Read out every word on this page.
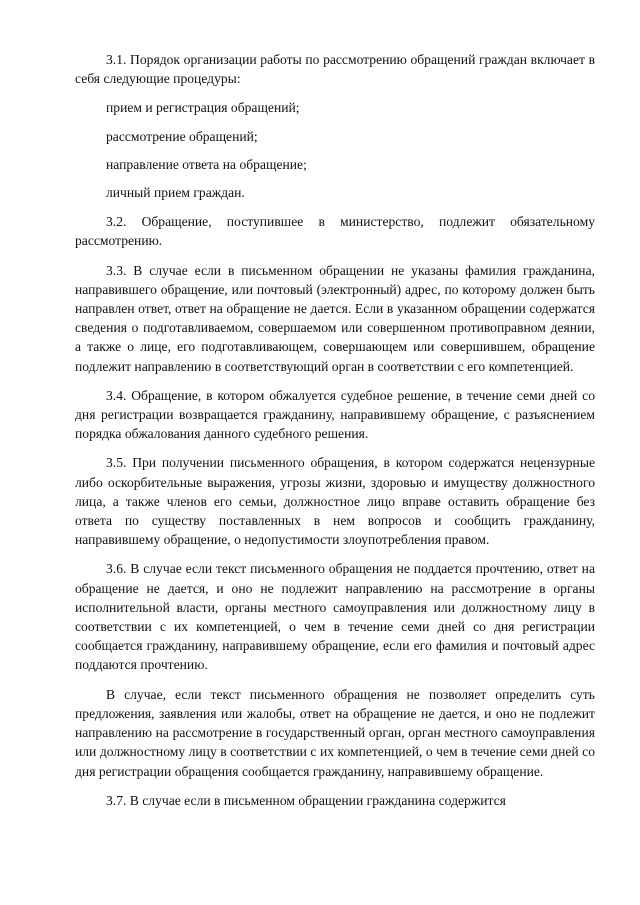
3.1. Порядок организации работы по рассмотрению обращений граждан включает в себя следующие процедуры:

прием и регистрация обращений;

рассмотрение обращений;

направление ответа на обращение;

личный прием граждан.

3.2. Обращение, поступившее в министерство, подлежит обязательному рассмотрению.

3.3. В случае если в письменном обращении не указаны фамилия гражданина, направившего обращение, или почтовый (электронный) адрес, по которому должен быть направлен ответ, ответ на обращение не дается. Если в указанном обращении содержатся сведения о подготавливаемом, совершаемом или совершенном противоправном деянии, а также о лице, его подготавливающем, совершающем или совершившем, обращение подлежит направлению в соответствующий орган в соответствии с его компетенцией.

3.4. Обращение, в котором обжалуется судебное решение, в течение семи дней со дня регистрации возвращается гражданину, направившему обращение, с разъяснением порядка обжалования данного судебного решения.

3.5. При получении письменного обращения, в котором содержатся нецензурные либо оскорбительные выражения, угрозы жизни, здоровью и имуществу должностного лица, а также членов его семьи, должностное лицо вправе оставить обращение без ответа по существу поставленных в нем вопросов и сообщить гражданину, направившему обращение, о недопустимости злоупотребления правом.

3.6. В случае если текст письменного обращения не поддается прочтению, ответ на обращение не дается, и оно не подлежит направлению на рассмотрение в органы исполнительной власти, органы местного самоуправления или должностному лицу в соответствии с их компетенцией, о чем в течение семи дней со дня регистрации сообщается гражданину, направившему обращение, если его фамилия и почтовый адрес поддаются прочтению.

В случае, если текст письменного обращения не позволяет определить суть предложения, заявления или жалобы, ответ на обращение не дается, и оно не подлежит направлению на рассмотрение в государственный орган, орган местного самоуправления или должностному лицу в соответствии с их компетенцией, о чем в течение семи дней со дня регистрации обращения сообщается гражданину, направившему обращение.

3.7. В случае если в письменном обращении гражданина содержится
